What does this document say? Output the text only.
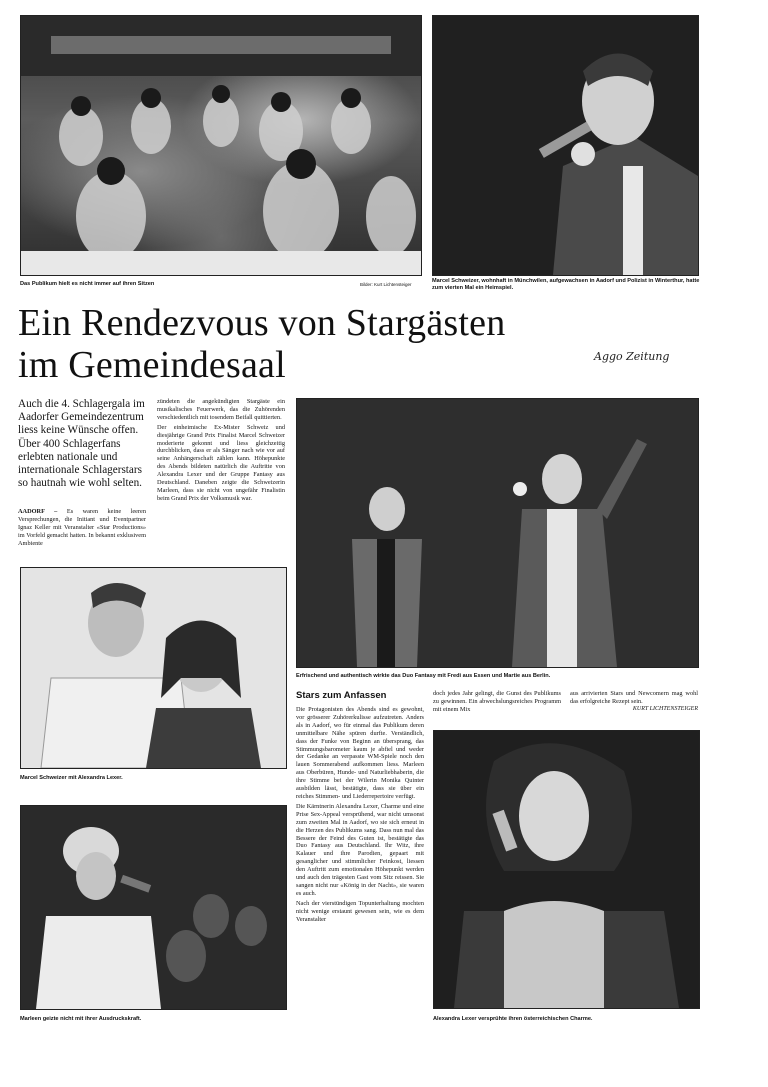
Das Publikum hielt es nicht immer auf ihren Sitzen	Bilder: Kurt Lichtensteiger
Marcel Schweizer, wohnhaft in Münchwilen, aufgewachsen in Aadorf und Polizist in Winterthur, hatte zum vierten Mal ein Heimspiel.
Ein Rendezvous von Stargästen
im Gemeindesaal	Aggo Zeitung
Auch die 4. Schlagergala im Aadorfer Gemeindezentrum liess keine Wünsche offen. Über 400 Schlagerfans erlebten nationale und internationale Schlagerstars so hautnah wie wohl selten.
AADORF – Es waren keine leeren Versprechungen, die Initiant und Eventpartner Ignaz Keller mit Veranstalter «Star Productions» im Vorfeld gemacht hatten. In bekannt exklusivem Ambiente

zündeten die angekündigten Stargäste ein musikalisches Feuerwerk, das die Zuhörenden verschiedentlich mit tosendem Beifall quittierten.

Der einheimische Ex-Mister Schweiz und diesjährige Grand Prix Finalist Marcel Schweizer moderierte gekonnt und liess gleichzeitig durchblicken, dass er als Sänger nach wie vor auf seine Anhängerschaft zählen kann. Höhepunkte des Abends bildeten natürlich die Auftritte von Alexandra Lexer und der Gruppe Fantasy aus Deutschland. Daneben zeigte die Schweizerin Marleen, dass sie nicht von ungefähr Finalistin beim Grand Prix der Volksmusik war.

Erfrischend und authentisch wirkte das Duo Fantasy mit Fredi aus Essen und Martie aus Berlin.
Marcel Schweizer mit Alexandra Lexer.
Marleen geizte nicht mit ihrer Ausdruckskraft.
Stars zum Anfassen

Die Protagonisten des Abends sind es gewohnt, vor grösserer Zuhörerkulisse aufzutreten. Anders als in Aadorf, wo für einmal das Publikum deren unmittelbare Nähe spüren durfte. Verständlich, dass der Funke von Beginn an übersprang, das Stimmungsbarometer kaum je abfiel und weder der Gedanke an verpasste WM-Spiele noch den lauen Sommerabend aufkommen liess. Marleen aus Oberbüren, Hunde- und Naturliebhaberin, die ihre Stimme bei der Wilerin Monika Quinter ausbilden lässt, bestätigte, dass sie über ein reiches Stimmen- und Liederrepertoire verfügt.

Die Kärntnerin Alexandra Lexer, Charme und eine Prise Sex-Appeal versprühend, war nicht umsonst zum zweiten Mal in Aadorf, wo sie sich erneut in die Herzen des Publikums sang. Dass nun mal das Bessere der Feind des Guten ist, bestätigte das Duo Fantasy aus Deutschland. Ihr Witz, ihre Kalauer und ihre Parodien, gepaart mit gesanglicher und stimmlicher Feinkost, liessen den Auftritt zum emotionalen Höhepunkt werden und auch den trägesten Gast vom Sitz reissen. Sie sangen nicht nur «König in der Nacht», sie waren es auch.

Nach der vierstündigen Topunterhaltung mochten nicht wenige erstaunt gewesen sein, wie es dem Veranstalter

doch jedes Jahr gelingt, die Gunst des Publikums zu gewinnen. Ein abwechslungsreiches Programm mit einem Mix
aus arrivierten Stars und Newcomern mag wohl das erfolgreiche Rezept sein.
KURT LICHTENSTEIGER
Alexandra Lexer versprühte ihren österreichischen Charme.
